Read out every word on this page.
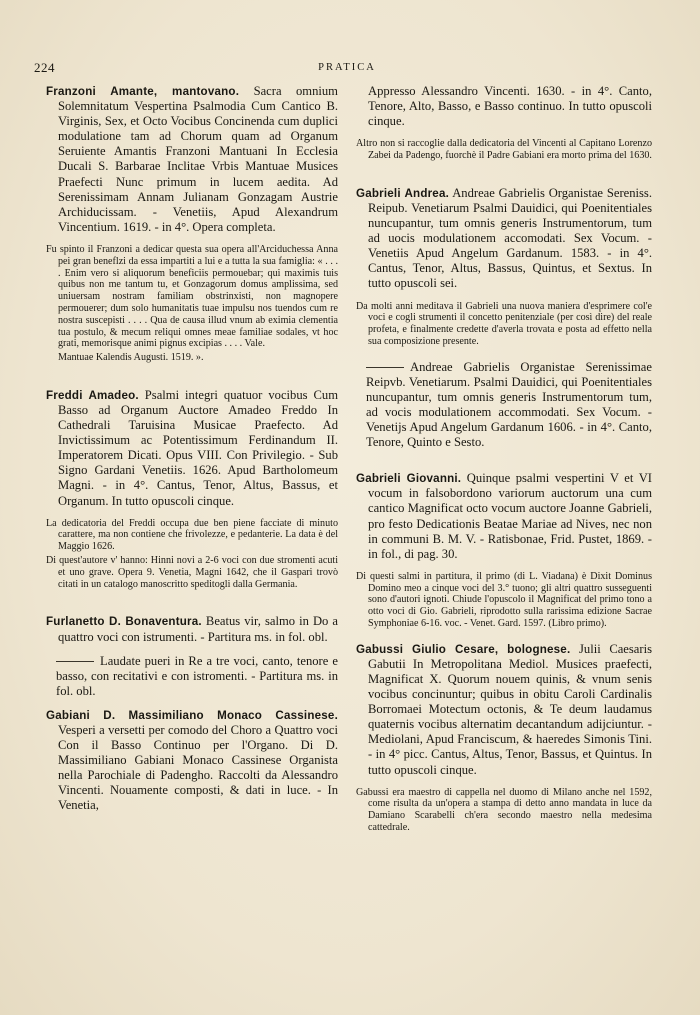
224	PRATICA

Franzoni Amante, mantovano. Sacra omnium Solemnitatum Vespertina Psalmodia Cum Cantico B. Virginis, Sex, et Octo Vocibus Concinenda cum duplici modulatione tam ad Chorum quam ad Organum Seruiente Amantis Franzoni Mantuani In Ecclesia Ducali S. Barbarae Inclitae Vrbis Mantuae Musices Praefecti Nunc primum in lucem aedita. Ad Serenissimam Annam Julianam Gonzagam Austrie Archiducissam. - Venetiis, Apud Alexandrum Vincentium. 1619. - in 4°. Opera completa.

Fu spinto il Franzoni a dedicar questa sua opera all'Arciduchessa Anna pei gran beneflzi da essa impartiti a lui e a tutta la sua famiglia: « . . . . Enim vero si aliquorum beneficiis permouebar; qui maximis tuis quibus non me tantum tu, et Gonzagorum domus amplissima, sed uniuersam nostram familiam obstrinxisti, non magnopere permouerer; dum solo humanitatis tuae impulsu nos tuendos cum re nostra suscepisti . . . . Qua de causa illud vnum ab eximia clementia tua postulo, & mecum reliqui omnes meae familiae sodales, vt hoc grati, memorisque animi pignus excipias . . . . Vale.

Mantuae Kalendis Augusti. 1519. ».

Freddi Amadeo. Psalmi integri quatuor vocibus Cum Basso ad Organum Auctore Amadeo Freddo In Cathedrali Taruisina Musicae Praefecto. Ad Invictissimum ac Potentissimum Ferdinandum II. Imperatorem Dicati. Opus VIII. Con Privilegio. - Sub Signo Gardani Venetiis. 1626. Apud Bartholomeum Magni. - in 4°. Cantus, Tenor, Altus, Bassus, et Organum. In tutto opuscoli cinque.

La dedicatoria del Freddi occupa due ben piene facciate di minuto carattere, ma non contiene che frivolezze, e pedanterie. La data è del Maggio 1626.

Di quest'autore v' hanno: Hinni novi a 2-6 voci con due stromenti acuti et uno grave. Opera 9. Venetia, Magni 1642, che il Gaspari trovò citati in un catalogo manoscritto speditogli dalla Germania.

Furlanetto D. Bonaventura. Beatus vir, salmo in Do a quattro voci con istrumenti. - Partitura ms. in fol. obl.

Laudate pueri in Re a tre voci, canto, tenore e basso, con recitativi e con istromenti. - Partitura ms. in fol. obl.

Gabiani D. Massimiliano Monaco Cassinese. Vesperi a versetti per comodo del Choro a Quattro voci Con il Basso Continuo per l'Organo. Di D. Massimiliano Gabiani Monaco Cassinese Organista nella Parochiale di Padengho. Raccolti da Alessandro Vincenti. Nouamente composti, & dati in luce. - In Venetia,

Appresso Alessandro Vincenti. 1630. - in 4°. Canto, Tenore, Alto, Basso, e Basso continuo. In tutto opuscoli cinque.

Altro non si raccoglie dalla dedicatoria del Vincenti al Capitano Lorenzo Zabei da Padengo, fuorchè il Padre Gabiani era morto prima del 1630.

Gabrieli Andrea. Andreae Gabrielis Organistae Sereniss. Reipub. Venetiarum Psalmi Dauidici, qui Poenitentiales nuncupantur, tum omnis generis Instrumentorum, tum ad uocis modulationem accomodati. Sex Vocum. - Venetiis Apud Angelum Gardanum. 1583. - in 4°. Cantus, Tenor, Altus, Bassus, Quintus, et Sextus. In tutto opuscoli sei.

Da molti anni meditava il Gabrieli una nuova maniera d'esprimere col'e voci e cogli strumenti il concetto penitenziale (per così dire) del reale profeta, e finalmente credette d'averla trovata e posta ad effetto nella sua composizione presente.

Andreae Gabrielis Organistae Serenissimae Reipvb. Venetiarum. Psalmi Dauidici, qui Poenitentiales nuncupantur, tum omnis generis Instrumentorum tum, ad vocis modulationem accommodati. Sex Vocum. - Venetijs Apud Angelum Gardanum 1606. - in 4°. Canto, Tenore, Quinto e Sesto.

Gabrieli Giovanni. Quinque psalmi vespertini V et VI vocum in falsobordono variorum auctorum una cum cantico Magnificat octo vocum auctore Joanne Gabrieli, pro festo Dedicationis Beatae Mariae ad Nives, nec non in communi B. M. V. - Ratisbonae, Frid. Pustet, 1869. - in fol., di pag. 30.

Di questi salmi in partitura, il primo (di L. Viadana) è Dixit Dominus Domino meo a cinque voci del 3.° tuono; gli altri quattro susseguenti sono d'autori ignoti. Chiude l'opuscolo il Magnificat del primo tono a otto voci di Gio. Gabrieli, riprodotto sulla rarissima edizione Sacrae Symphoniae 6-16. voc. - Venet. Gard. 1597. (Libro primo).

Gabussi Giulio Cesare, bolognese. Julii Caesaris Gabutii In Metropolitana Mediol. Musices praefecti, Magnificat X. Quorum nouem quinis, & vnum senis vocibus concinuntur; quibus in obitu Caroli Cardinalis Borromaei Motectum octonis, & Te deum laudamus quaternis vocibus alternatim decantandum adijciuntur. - Mediolani, Apud Franciscum, & haeredes Simonis Tini. - in 4° picc. Cantus, Altus, Tenor, Bassus, et Quintus. In tutto opuscoli cinque.

Gabussi era maestro di cappella nel duomo di Milano anche nel 1592, come risulta da un'opera a stampa di detto anno mandata in luce da Damiano Scarabelli ch'era secondo maestro nella medesima cattedrale.
